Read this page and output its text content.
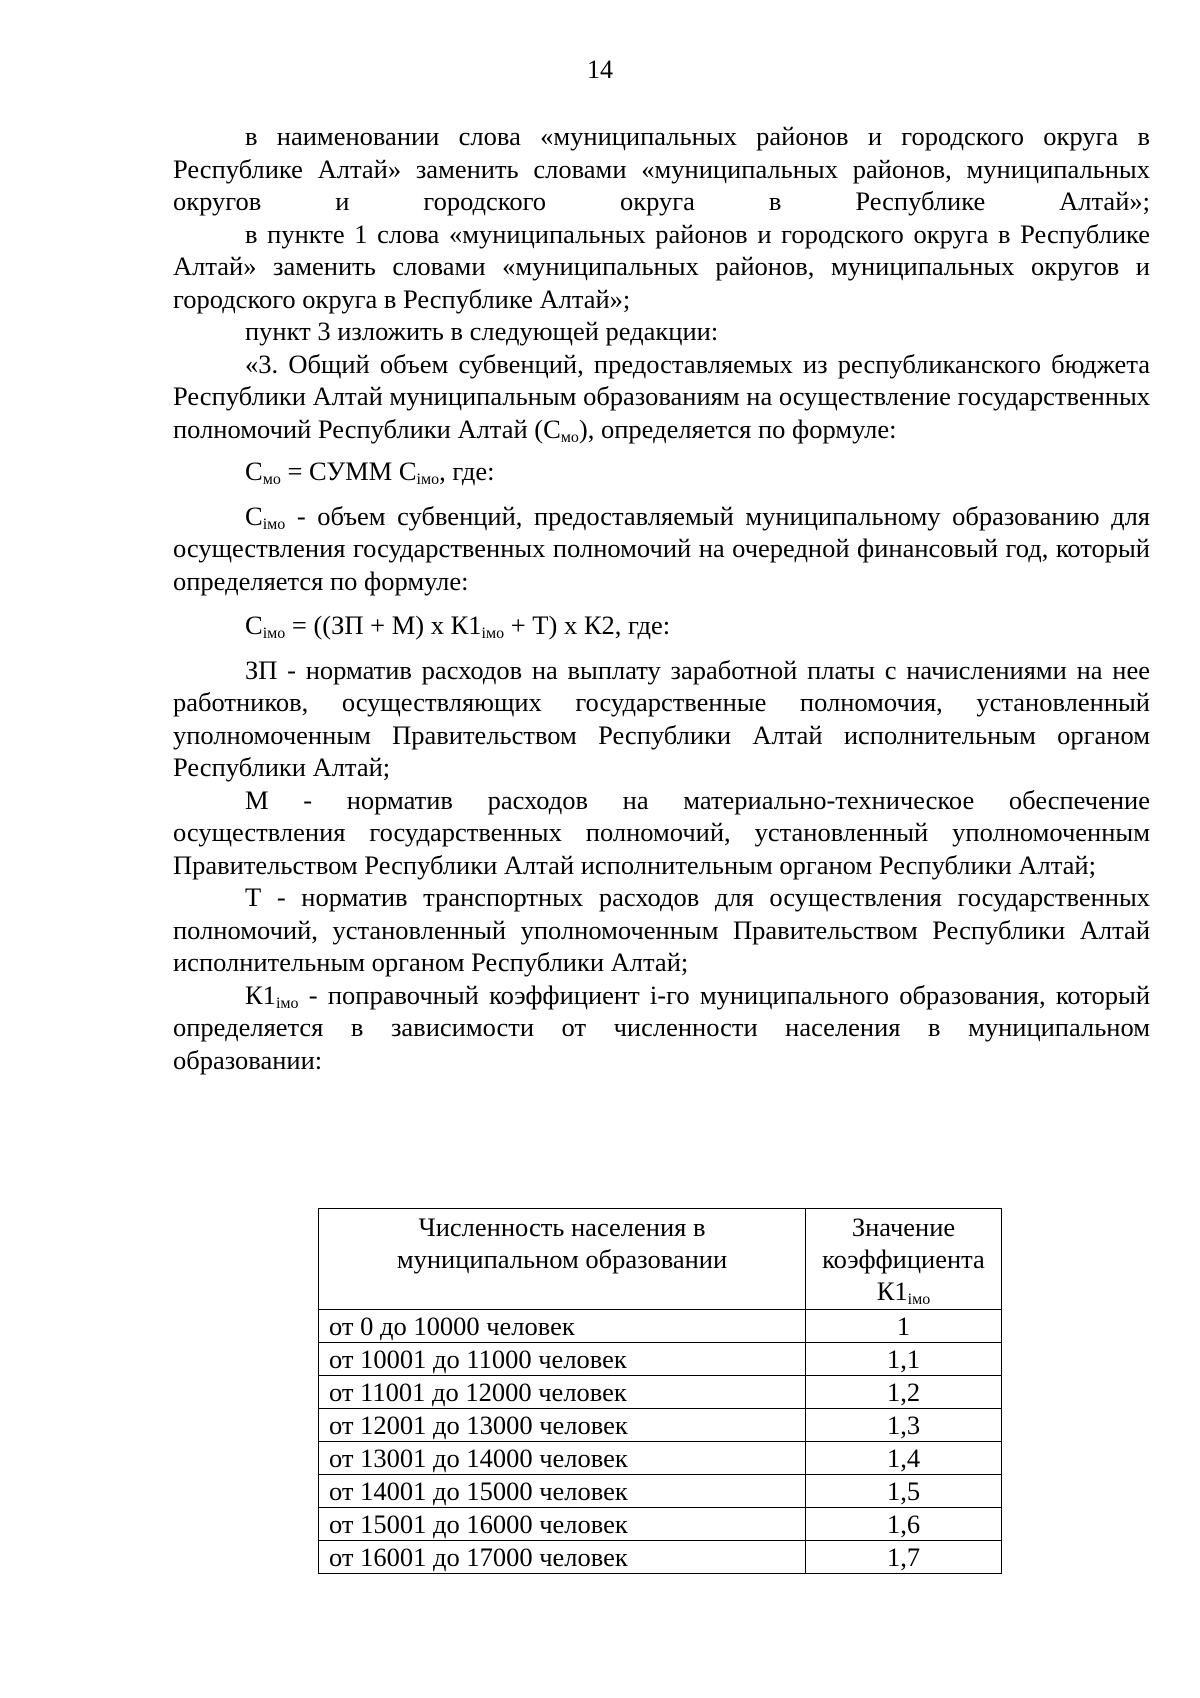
14

в наименовании слова «муниципальных районов и городского округа в Республике Алтай» заменить словами «муниципальных районов, муниципальных округов и городского округа в Республике Алтай»;

в пункте 1 слова «муниципальных районов и городского округа в Республике Алтай» заменить словами «муниципальных районов, муниципальных округов и городского округа в Республике Алтай»;

пункт 3 изложить в следующей редакции:

«3. Общий объем субвенций, предоставляемых из республиканского бюджета Республики Алтай муниципальным образованиям на осуществление государственных полномочий Республики Алтай $(С_{мо})$, определяется по формуле:

$С_{мо}$ = СУММ $С_{iмо}$, где:

$С_{iмо}$ - объем субвенций, предоставляемый муниципальному образованию для осуществления государственных полномочий на очередной финансовый год, который определяется по формуле:

$С_{iмо} = ((ЗП + М)$ х $К1_{iмо} + Т$) х К2, где:

ЗП - норматив расходов на выплату заработной платы с начислениями на нее работников, осуществляющих государственные полномочия, установленный уполномоченным Правительством Республики Алтай исполнительным органом Республики Алтай;

М - норматив расходов на материально-техническое обеспечение осуществления государственных полномочий, установленный уполномоченным Правительством Республики Алтай исполнительным органом Республики Алтай;

Т - норматив транспортных расходов для осуществления государственных полномочий, установленный уполномоченным Правительством Республики Алтай исполнительным органом Республики Алтай;

$К1_{iмо}$ - поправочный коэффициент i-го муниципального образования, который определяется в зависимости от численности населения в муниципальном образовании:

Численность населения в муниципальном образовании	Значение коэффициента $К1_{iмо}$
от 0 до 10000 человек	1
от 10001 до 11000 человек	1,1
от 11001 до 12000 человек	1,2
от 12001 до 13000 человек	1,3
от 13001 до 14000 человек	1,4
от 14001 до 15000 человек	1,5
от 15001 до 16000 человек	1,6
от 16001 до 17000 человек	1,7
